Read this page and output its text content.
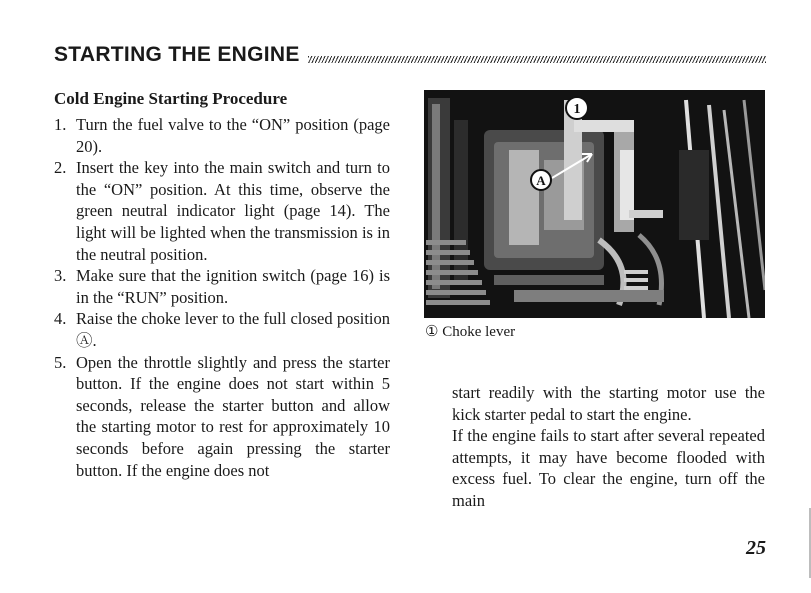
STARTING THE ENGINE
Cold Engine Starting Procedure
1. Turn the fuel valve to the “ON” position (page 20).
2. Insert the key into the main switch and turn to the “ON” position. At this time, observe the green neutral indicator light (page 14). The light will be lighted when the transmission is in the neutral position.
3. Make sure that the ignition switch (page 16) is in the “RUN” position.
4. Raise the choke lever to the full closed position Ⓐ.
5. Open the throttle slightly and press the starter button. If the engine does not start within 5 seconds, release the starter button and allow the starting motor to rest for approximately 10 seconds before again pressing the starter button. If the engine does not
1
A
① Choke lever

start readily with the starting motor use the kick starter pedal to start the engine.

If the engine fails to start after several repeated attempts, it may have become flooded with excess fuel. To clear the engine, turn off the main

25
